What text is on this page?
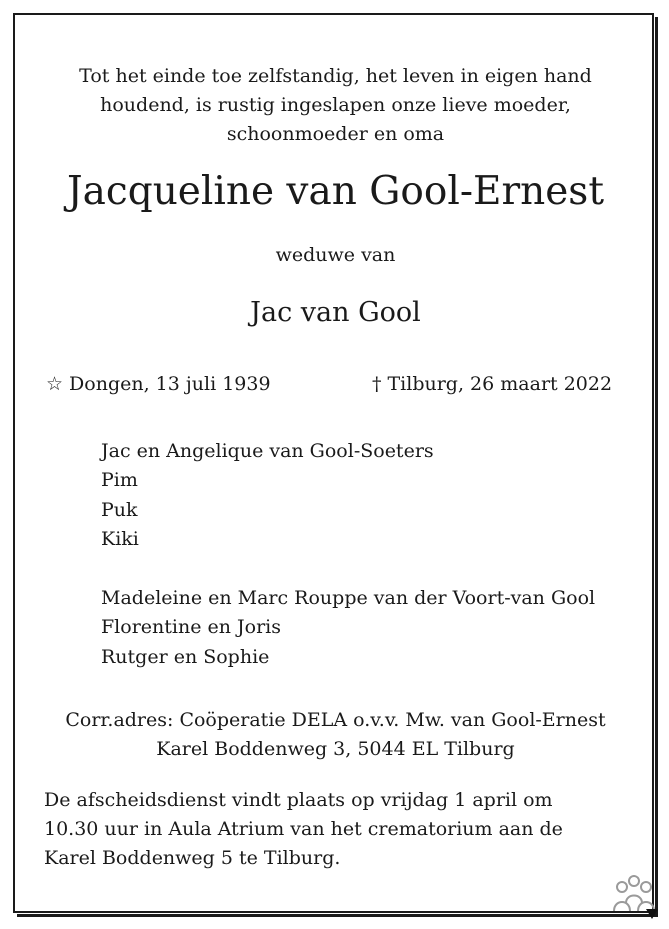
Tot het einde toe zelfstandig, het leven in eigen hand
houdend, is rustig ingeslapen onze lieve moeder,
schoonmoeder en oma
Jacqueline van Gool-Ernest
weduwe van
Jac van Gool
☆ Dongen, 13 juli 1939	† Tilburg, 26 maart 2022
Jac en Angelique van Gool-Soeters
Pim
Puk
Kiki
Madeleine en Marc Rouppe van der Voort-van Gool
Florentine en Joris
Rutger en Sophie
Corr.adres: Coöperatie DELA o.v.v. Mw. van Gool-Ernest
Karel Boddenweg 3, 5044 EL Tilburg
De afscheidsdienst vindt plaats op vrijdag 1 april om
10.30 uur in Aula Atrium van het crematorium aan de
Karel Boddenweg 5 te Tilburg.
